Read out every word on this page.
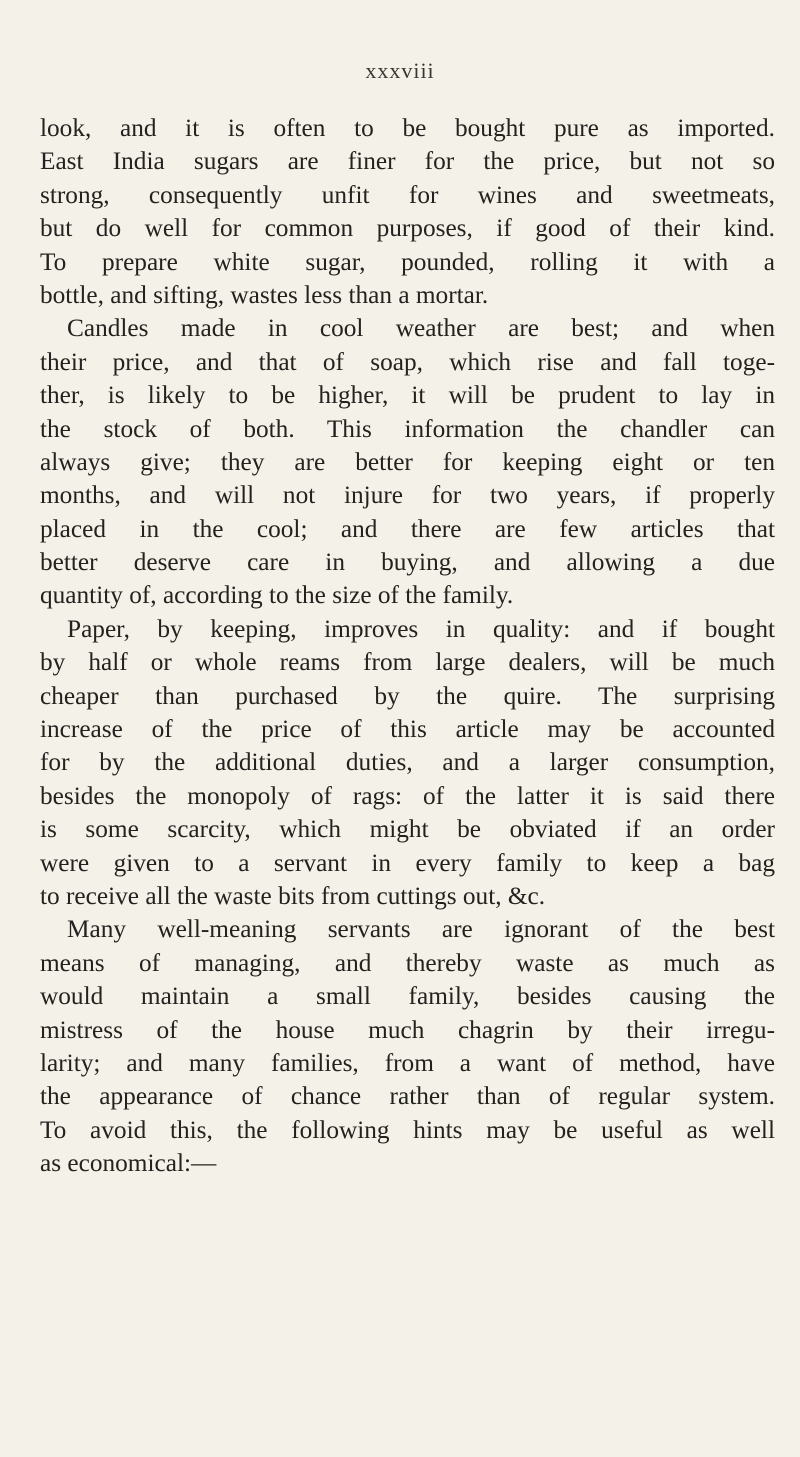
xxxviii
look, and it is often to be bought pure as imported.
East India sugars are finer for the price, but not so
strong, consequently unfit for wines and sweetmeats,
but do well for common purposes, if good of their kind.
To prepare white sugar, pounded, rolling it with a
bottle, and sifting, wastes less than a mortar.
Candles made in cool weather are best; and when
their price, and that of soap, which rise and fall toge-
ther, is likely to be higher, it will be prudent to lay in
the stock of both. This information the chandler can
always give; they are better for keeping eight or ten
months, and will not injure for two years, if properly
placed in the cool; and there are few articles that
better deserve care in buying, and allowing a due
quantity of, according to the size of the family.
Paper, by keeping, improves in quality: and if bought
by half or whole reams from large dealers, will be much
cheaper than purchased by the quire. The surprising
increase of the price of this article may be accounted
for by the additional duties, and a larger consumption,
besides the monopoly of rags: of the latter it is said there
is some scarcity, which might be obviated if an order
were given to a servant in every family to keep a bag
to receive all the waste bits from cuttings out, &c.
Many well-meaning servants are ignorant of the best
means of managing, and thereby waste as much as
would maintain a small family, besides causing the
mistress of the house much chagrin by their irregu-
larity; and many families, from a want of method, have
the appearance of chance rather than of regular system.
To avoid this, the following hints may be useful as well
as economical:—
